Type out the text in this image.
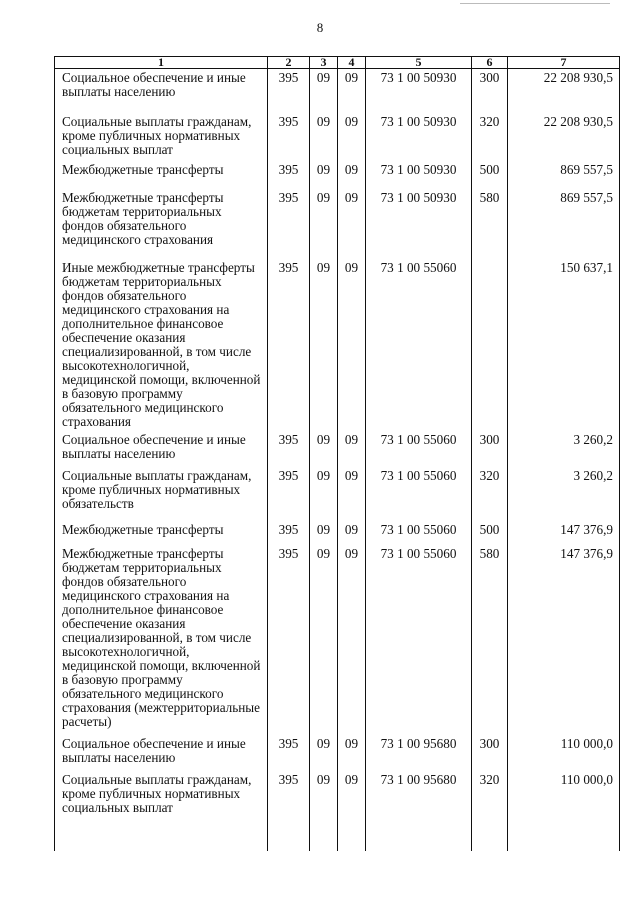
8
1	2	3	4	5	6	7
Социальное обеспечение и иные выплаты населению	395	09	09	73 1 00 50930	300	22 208 930,5
Социальные выплаты гражданам, кроме публичных нормативных социальных выплат	395	09	09	73 1 00 50930	320	22 208 930,5
Межбюджетные трансферты	395	09	09	73 1 00 50930	500	869 557,5
Межбюджетные трансферты бюджетам территориальных фондов обязательного медицинского страхования	395	09	09	73 1 00 50930	580	869 557,5
Иные межбюджетные трансферты бюджетам территориальных фондов обязательного медицинского страхования на дополнительное финансовое обеспечение оказания специализированной, в том числе высокотехнологичной, медицинской помощи, включенной в базовую программу обязательного медицинского страхования	395	09	09	73 1 00 55060		150 637,1
Социальное обеспечение и иные выплаты населению	395	09	09	73 1 00 55060	300	3 260,2
Социальные выплаты гражданам, кроме публичных нормативных обязательств	395	09	09	73 1 00 55060	320	3 260,2
Межбюджетные трансферты	395	09	09	73 1 00 55060	500	147 376,9
Межбюджетные трансферты бюджетам территориальных фондов обязательного медицинского страхования на дополнительное финансовое обеспечение оказания специализированной, в том числе высокотехнологичной, медицинской помощи, включенной в базовую программу обязательного медицинского страхования (межтерриториальные расчеты)	395	09	09	73 1 00 55060	580	147 376,9
Социальное обеспечение и иные выплаты населению	395	09	09	73 1 00 95680	300	110 000,0
Социальные выплаты гражданам, кроме публичных нормативных социальных выплат	395	09	09	73 1 00 95680	320	110 000,0
